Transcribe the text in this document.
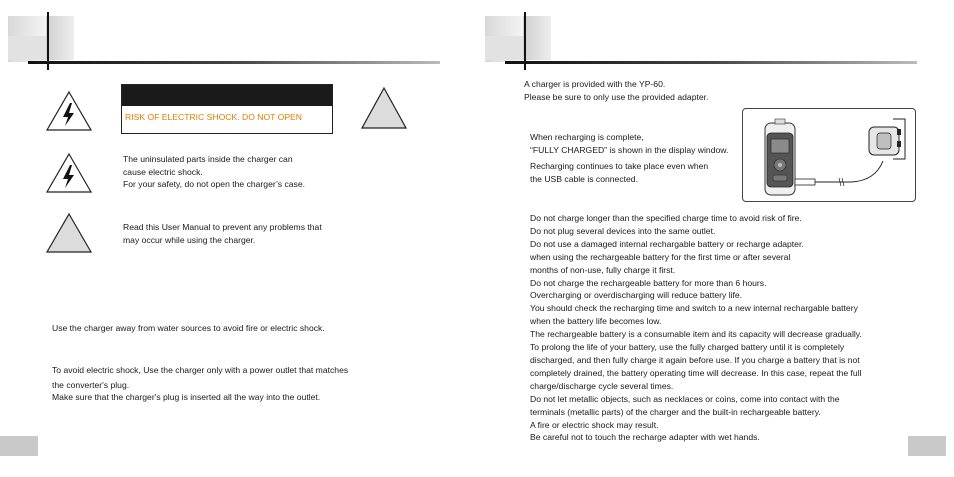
RISK OF ELECTRIC SHOCK. DO NOT OPEN
The uninsulated parts inside the charger can
cause electric shock.
For your safety, do not open the charger’s case.
Read this User Manual to prevent any problems that
may occur while using the charger.

Use the charger away from water sources to avoid fire or electric shock.

To avoid electric shock, Use the charger only with a power outlet that matches
the converter's plug.
Make sure that the charger's plug is inserted all the way into the outlet.
A charger is provided with the YP-60.
Please be sure to only use the provided adapter.
When recharging is complete,
“FULLY CHARGED” is shown in the display window.
Recharging continues to take place even when
the USB cable is connected.
Do not charge longer than the specified charge time to avoid risk of fire.
Do not plug several devices into the same outlet.
Do not use a damaged internal rechargable battery or recharge adapter.
when using the rechargeable battery for the first time or after several
months of non-use, fully charge it first.
Do not charge the rechargeable battery for more than 6 hours.
Overcharging or overdischarging will reduce battery life.
You should check the recharging time and switch to a new internal rechargable battery
when the battery life becomes low.
The rechargeable battery is a consumable item and its capacity will decrease gradually.
To prolong the life of your battery, use the fully charged battery until it is completely
discharged, and then fully charge it again before use. If you charge a battery that is not
completely drained, the battery operating time will decrease. In this case, repeat the full
charge/discharge cycle several times.
Do not let metallic objects, such as necklaces or coins, come into contact with the
terminals (metallic parts) of the charger and the built-in rechargeable battery.
A fire or electric shock may result.
Be careful not to touch the recharge adapter with wet hands.
